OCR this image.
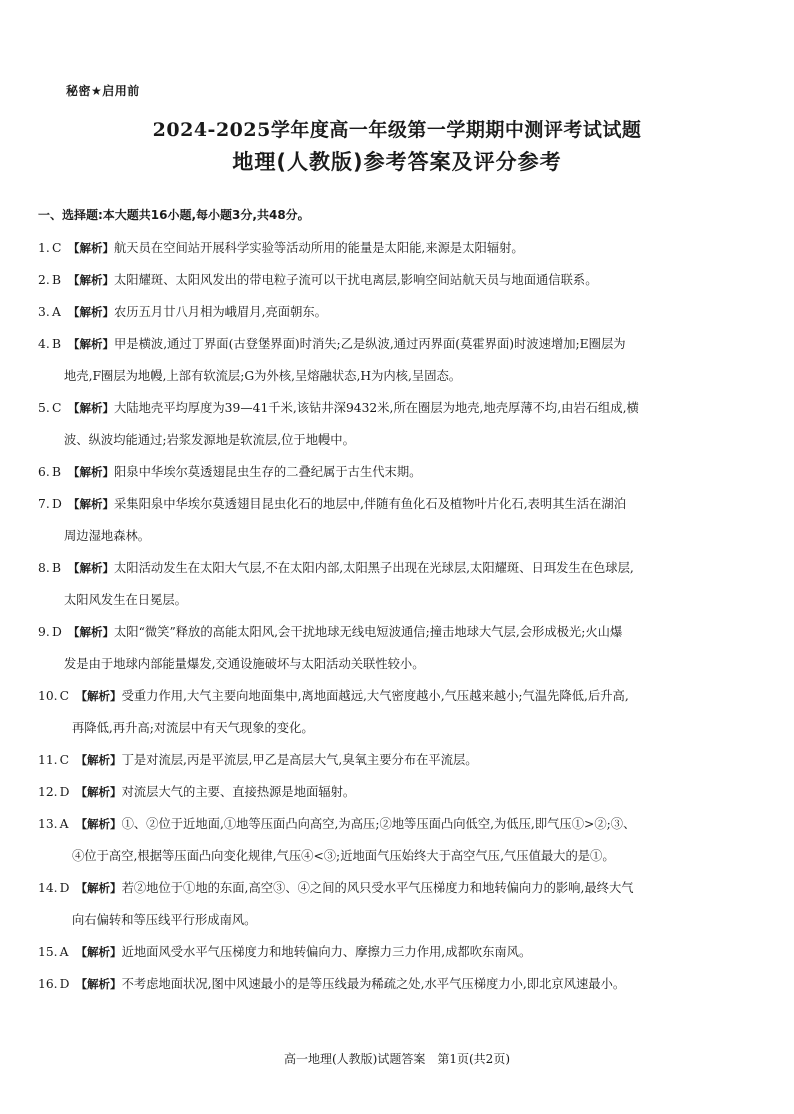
秘密★启用前
2024-2025学年度高一年级第一学期期中测评考试试题
地理(人教版)参考答案及评分参考
一、选择题:本大题共16小题,每小题3分,共48分。
1. C 【解析】航天员在空间站开展科学实验等活动所用的能量是太阳能,来源是太阳辐射。
2. B 【解析】太阳耀斑、太阳风发出的带电粒子流可以干扰电离层,影响空间站航天员与地面通信联系。
3. A 【解析】农历五月廿八月相为峨眉月,亮面朝东。
4. B 【解析】甲是横波,通过丁界面(古登堡界面)时消失;乙是纵波,通过丙界面(莫霍界面)时波速增加;E圈层为
地壳,F圈层为地幔,上部有软流层;G为外核,呈熔融状态,H为内核,呈固态。
5. C 【解析】大陆地壳平均厚度为39—41千米,该钻井深9432米,所在圈层为地壳,地壳厚薄不均,由岩石组成,横
波、纵波均能通过;岩浆发源地是软流层,位于地幔中。
6. B 【解析】阳泉中华埃尔莫透翅昆虫生存的二叠纪属于古生代末期。
7. D 【解析】采集阳泉中华埃尔莫透翅目昆虫化石的地层中,伴随有鱼化石及植物叶片化石,表明其生活在湖泊
周边湿地森林。
8. B 【解析】太阳活动发生在太阳大气层,不在太阳内部,太阳黑子出现在光球层,太阳耀斑、日珥发生在色球层,
太阳风发生在日冕层。
9. D 【解析】太阳“微笑”释放的高能太阳风,会干扰地球无线电短波通信;撞击地球大气层,会形成极光;火山爆
发是由于地球内部能量爆发,交通设施破坏与太阳活动关联性较小。
10. C 【解析】受重力作用,大气主要向地面集中,离地面越远,大气密度越小,气压越来越小;气温先降低,后升高,
再降低,再升高;对流层中有天气现象的变化。
11. C 【解析】丁是对流层,丙是平流层,甲乙是高层大气,臭氧主要分布在平流层。
12. D 【解析】对流层大气的主要、直接热源是地面辐射。
13. A 【解析】①、②位于近地面,①地等压面凸向高空,为高压;②地等压面凸向低空,为低压,即气压①>②;③、
④位于高空,根据等压面凸向变化规律,气压④<③;近地面气压始终大于高空气压,气压值最大的是①。
14. D 【解析】若②地位于①地的东面,高空③、④之间的风只受水平气压梯度力和地转偏向力的影响,最终大气
向右偏转和等压线平行形成南风。
15. A 【解析】近地面风受水平气压梯度力和地转偏向力、摩擦力三力作用,成都吹东南风。
16. D 【解析】不考虑地面状况,图中风速最小的是等压线最为稀疏之处,水平气压梯度力小,即北京风速最小。
高一地理(人教版)试题答案　第1页(共2页)
